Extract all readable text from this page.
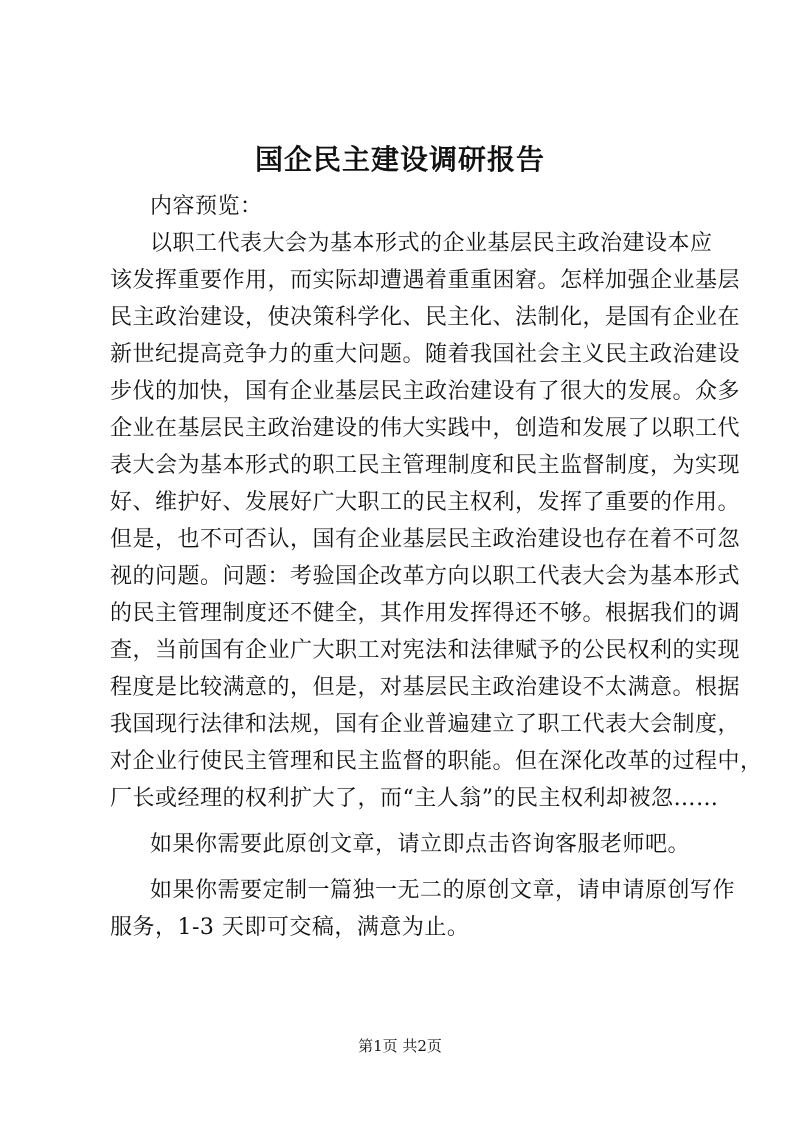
国企民主建设调研报告
内容预览：
以职工代表大会为基本形式的企业基层民主政治建设本应
该发挥重要作用，而实际却遭遇着重重困窘。怎样加强企业基层
民主政治建设，使决策科学化、民主化、法制化，是国有企业在
新世纪提高竞争力的重大问题。随着我国社会主义民主政治建设
步伐的加快，国有企业基层民主政治建设有了很大的发展。众多
企业在基层民主政治建设的伟大实践中，创造和发展了以职工代
表大会为基本形式的职工民主管理制度和民主监督制度，为实现
好、维护好、发展好广大职工的民主权利，发挥了重要的作用。
但是，也不可否认，国有企业基层民主政治建设也存在着不可忽
视的问题。问题：考验国企改革方向以职工代表大会为基本形式
的民主管理制度还不健全，其作用发挥得还不够。根据我们的调
查，当前国有企业广大职工对宪法和法律赋予的公民权利的实现
程度是比较满意的，但是，对基层民主政治建设不太满意。根据
我国现行法律和法规，国有企业普遍建立了职工代表大会制度，
对企业行使民主管理和民主监督的职能。但在深化改革的过程中，
厂长或经理的权利扩大了，而“主人翁”的民主权利却被忽……
如果你需要此原创文章，请立即点击咨询客服老师吧。
如果你需要定制一篇独一无二的原创文章，请申请原创写作
服务，1-3 天即可交稿，满意为止。
第1页 共2页
